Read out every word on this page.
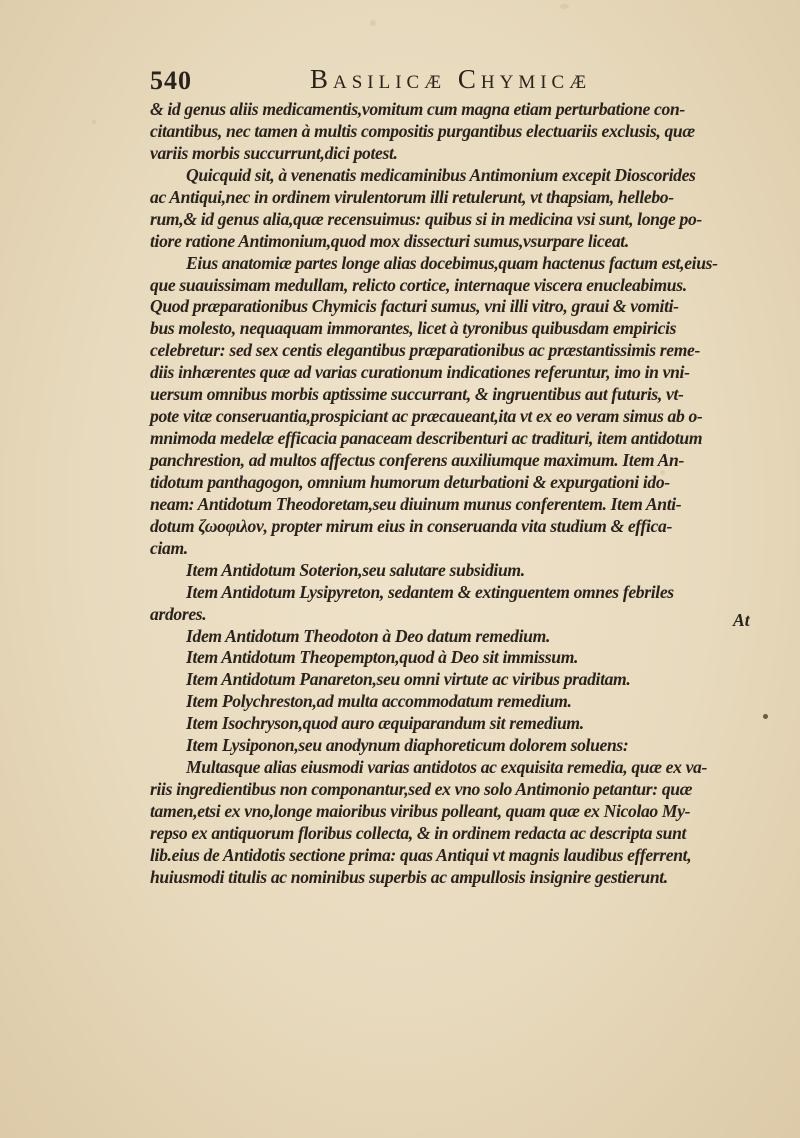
540	Basilicæ Chymicæ
& id genus aliis medicamentis,vomitum cum magna etiam perturbatione con-
citantibus, nec tamen à multis compositis purgantibus electuariis exclusis, quæ
variis morbis succurrunt,dici potest.
Quicquid sit, à venenatis medicaminibus Antimonium excepit Dioscorides
ac Antiqui,nec in ordinem virulentorum illi retulerunt, vt thapsiam, hellebo-
rum,& id genus alia,quæ recensuimus: quibus si in medicina vsi sunt, longe po-
tiore ratione Antimonium,quod mox dissecturi sumus,vsurpare liceat.
Eius anatomiæ partes longe alias docebimus,quam hactenus factum est,eius-
que suauissimam medullam, relicto cortice, internaque viscera enucleabimus.
Quod præparationibus Chymicis facturi sumus, vni illi vitro, graui & vomiti-
bus molesto, nequaquam immorantes, licet à tyronibus quibusdam empiricis
celebretur: sed sex centis elegantibus præparationibus ac præstantissimis reme-
diis inhærentes quæ ad varias curationum indicationes referuntur, imo in vni-
uersum omnibus morbis aptissime succurrant, & ingruentibus aut futuris, vt-
pote vitæ conseruantia,prospiciant ac præcaueant,ita vt ex eo veram simus ab o-
mnimoda medelæ efficacia panaceam describenturi ac tradituri, item antidotum
panchrestion, ad multos affectus conferens auxiliumque maximum. Item An-
tidotum panthagogon, omnium humorum deturbationi & expurgationi ido-
neam: Antidotum Theodoretam,seu diuinum munus conferentem. Item Anti-
dotum ζωοφιλον, propter mirum eius in conseruanda vita studium & effica-
ciam.
Item Antidotum Soterion,seu salutare subsidium.
Item Antidotum Lysipyreton, sedantem & extinguentem omnes febriles
ardores.
Idem Antidotum Theodoton à Deo datum remedium.
Item Antidotum Theopempton,quod à Deo sit immissum.
Item Antidotum Panareton,seu omni virtute ac viribus praditam.
Item Polychreston,ad multa accommodatum remedium.
Item Isochryson,quod auro æquiparandum sit remedium.
Item Lysiponon,seu anodynum diaphoreticum dolorem soluens:
Multasque alias eiusmodi varias antidotos ac exquisita remedia, quæ ex va-
riis ingredientibus non componantur,sed ex vno solo Antimonio petantur: quæ
tamen,etsi ex vno,longe maioribus viribus polleant, quam quæ ex Nicolao My-
repso ex antiquorum floribus collecta, & in ordinem redacta ac descripta sunt
lib.eius de Antidotis sectione prima: quas Antiqui vt magnis laudibus efferrent,
huiusmodi titulis ac nominibus superbis ac ampullosis insignire gestierunt.
At
